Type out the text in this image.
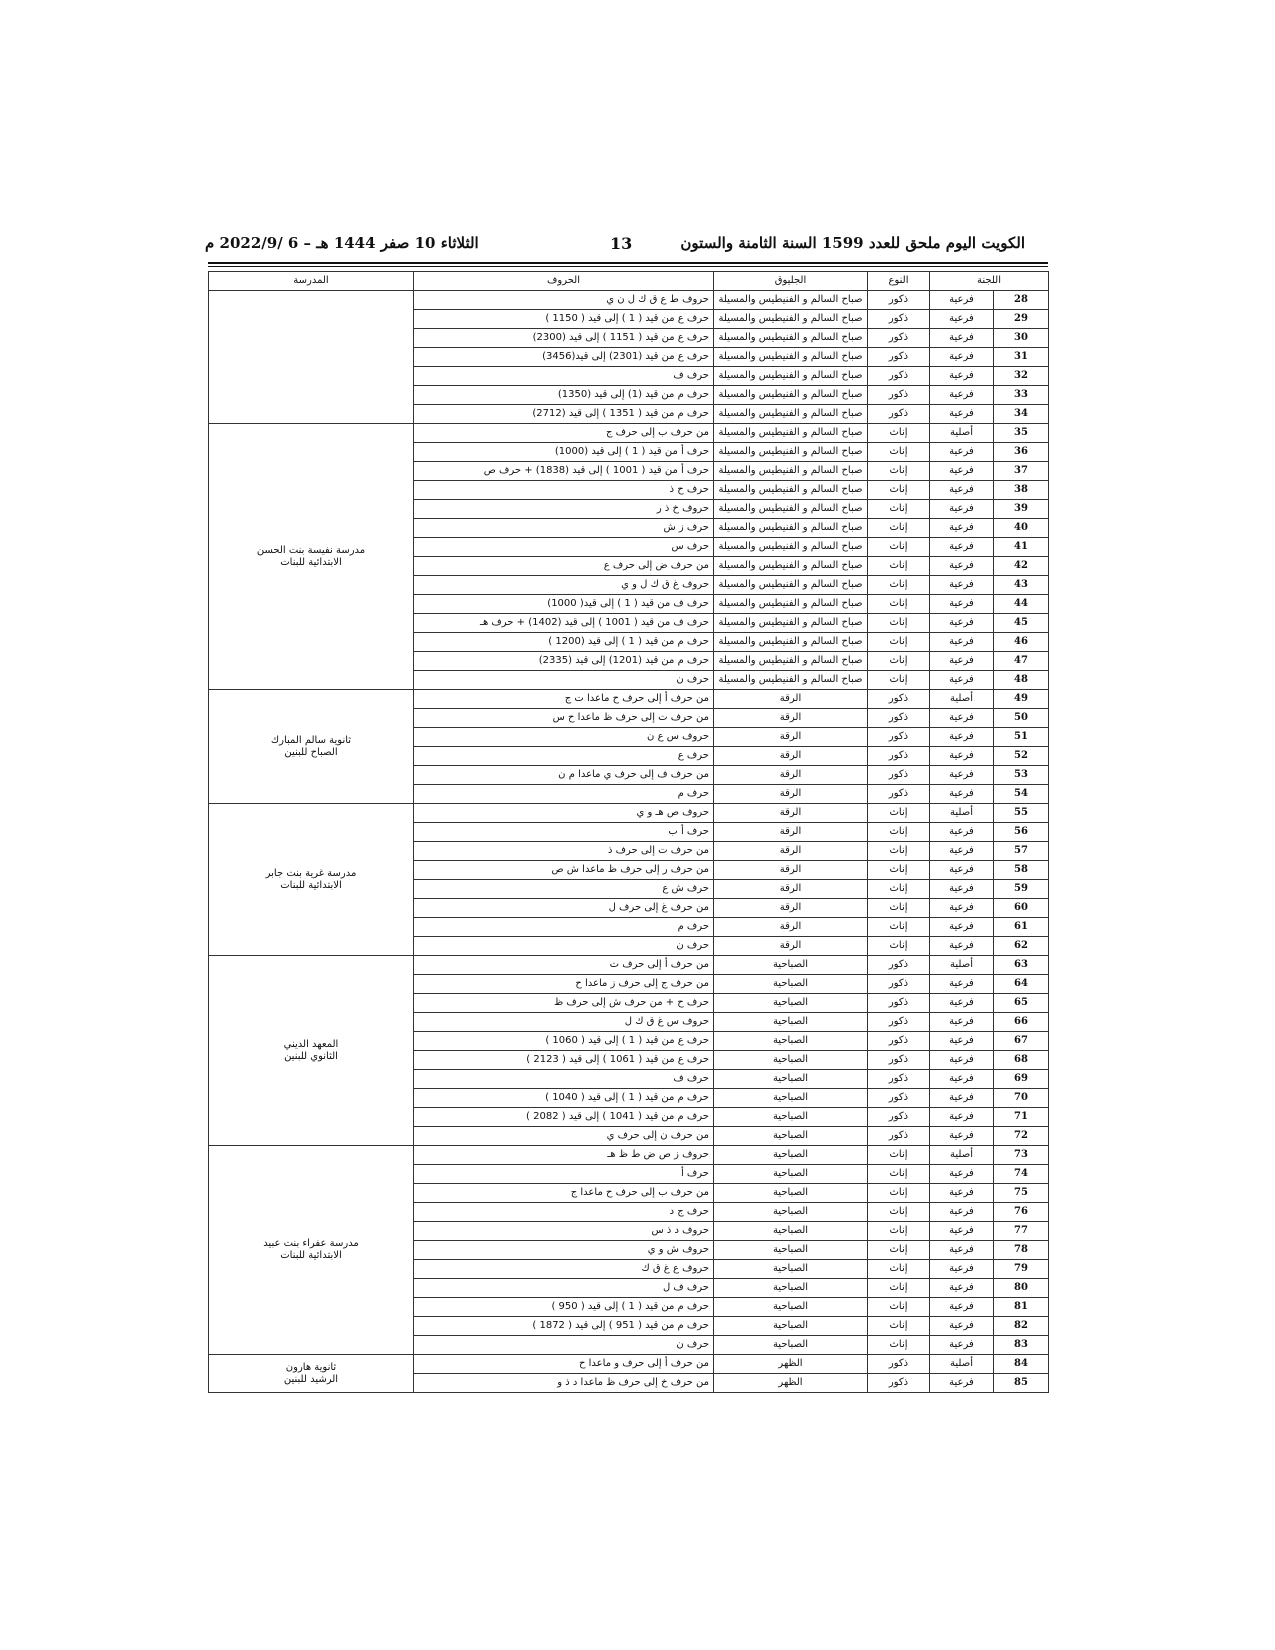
الكويت اليوم ملحق للعدد 1599 السنة الثامنة والستون
13
الثلاثاء 10 صفر 1444 هـ – 6 /2022/9 م
اللجنة		النوع	الجليوق	الحروف	المدرسة
28	فرعية	ذكور	صباح السالم و الفنيطيس والمسيلة	حروف ط ع ق ك ل ن ي	

29	فرعية	ذكور	صباح السالم و الفنيطيس والمسيلة	حرف ع من قيد ( 1 ) إلى قيد ( 1150 )	
30	فرعية	ذكور	صباح السالم و الفنيطيس والمسيلة	حرف ع من قيد ( 1151 ) إلى قيد (2300)	
31	فرعية	ذكور	صباح السالم و الفنيطيس والمسيلة	حرف ع من قيد (2301) إلى قيد(3456)	
32	فرعية	ذكور	صباح السالم و الفنيطيس والمسيلة	حرف ف	
33	فرعية	ذكور	صباح السالم و الفنيطيس والمسيلة	حرف م من قيد (1) إلى قيد (1350)	
34	فرعية	ذكور	صباح السالم و الفنيطيس والمسيلة	حرف م من قيد ( 1351 ) إلى قيد (2712)	
35	أصلية	إناث	صباح السالم و الفنيطيس والمسيلة	من حرف ب إلى حرف ج	مدرسة نفيسة بنت الحسن
الابتدائية للبنات

36	فرعية	إناث	صباح السالم و الفنيطيس والمسيلة	حرف أ من قيد ( 1 ) إلى قيد (1000)	
37	فرعية	إناث	صباح السالم و الفنيطيس والمسيلة	حرف أ من قيد ( 1001 ) إلى قيد (1838) + حرف ص	
38	فرعية	إناث	صباح السالم و الفنيطيس والمسيلة	حرف ح ذ	
39	فرعية	إناث	صباح السالم و الفنيطيس والمسيلة	حروف خ ذ ر	
40	فرعية	إناث	صباح السالم و الفنيطيس والمسيلة	حرف ز ش	
41	فرعية	إناث	صباح السالم و الفنيطيس والمسيلة	حرف س	
42	فرعية	إناث	صباح السالم و الفنيطيس والمسيلة	من حرف ض إلى حرف ع	
43	فرعية	إناث	صباح السالم و الفنيطيس والمسيلة	حروف غ ق ك ل و ي	
44	فرعية	إناث	صباح السالم و الفنيطيس والمسيلة	حرف ف من قيد ( 1 ) إلى قيد( 1000)	
45	فرعية	إناث	صباح السالم و الفنيطيس والمسيلة	حرف ف من قيد ( 1001 ) إلى قيد (1402) + حرف هـ	
46	فرعية	إناث	صباح السالم و الفنيطيس والمسيلة	حرف م من قيد ( 1 ) إلى قيد (1200 )	
47	فرعية	إناث	صباح السالم و الفنيطيس والمسيلة	حرف م من قيد (1201) إلى قيد (2335)	
48	فرعية	إناث	صباح السالم و الفنيطيس والمسيلة	حرف ن	
49	أصلية	ذكور	الرقة	من حرف أ إلى حرف ح ماعدا ت ج	ثانوية سالم المبارك
الصباح للبنين

50	فرعية	ذكور	الرقة	من حرف ت إلى حرف ظ ماعدا ح س	
51	فرعية	ذكور	الرقة	حروف س ع ن	
52	فرعية	ذكور	الرقة	حرف ع	
53	فرعية	ذكور	الرقة	من حرف ف إلى حرف ي ماعدا م ن	
54	فرعية	ذكور	الرقة	حرف م	
55	أصلية	إناث	الرقة	حروف ص هـ و ي	مدرسة غرية بنت جابر
الابتدائية للبنات

56	فرعية	إناث	الرقة	حرف أ ب	
57	فرعية	إناث	الرقة	من حرف ت إلى حرف ذ	
58	فرعية	إناث	الرقة	من حرف ر إلى حرف ظ ماعدا ش ص	
59	فرعية	إناث	الرقة	حرف ش ع	
60	فرعية	إناث	الرقة	من حرف غ إلى حرف ل	
61	فرعية	إناث	الرقة	حرف م	
62	فرعية	إناث	الرقة	حرف ن	
63	أصلية	ذكور	الصباحية	من حرف أ إلى حرف ت	المعهد الديني
الثانوي للبنين

64	فرعية	ذكور	الصباحية	من حرف ج إلى حرف ز ماعدا ح	
65	فرعية	ذكور	الصباحية	حرف ح + من حرف ش إلى حرف ظ	
66	فرعية	ذكور	الصباحية	حروف س غ ق ك ل	
67	فرعية	ذكور	الصباحية	حرف ع من قيد ( 1 ) إلى قيد ( 1060 )	
68	فرعية	ذكور	الصباحية	حرف ع من قيد ( 1061 ) إلى قيد ( 2123 )	
69	فرعية	ذكور	الصباحية	حرف ف	
70	فرعية	ذكور	الصباحية	حرف م من قيد ( 1 ) إلى قيد ( 1040 )	
71	فرعية	ذكور	الصباحية	حرف م من قيد ( 1041 ) إلى قيد ( 2082 )	
72	فرعية	ذكور	الصباحية	من حرف ن إلى حرف ي	
73	أصلية	إناث	الصباحية	حروف ز ص ض ط ظ هـ	مدرسة عفراء بنت عبيد
الابتدائية للبنات

74	فرعية	إناث	الصباحية	حرف أ	
75	فرعية	إناث	الصباحية	من حرف ب إلى حرف ح ماعدا ج	
76	فرعية	إناث	الصباحية	حرف ج د	
77	فرعية	إناث	الصباحية	حروف د ذ س	
78	فرعية	إناث	الصباحية	حروف ش و ي	
79	فرعية	إناث	الصباحية	حروف ع غ ق ك	
80	فرعية	إناث	الصباحية	حرف ف ل	
81	فرعية	إناث	الصباحية	حرف م من قيد ( 1 ) إلى قيد ( 950 )	
82	فرعية	إناث	الصباحية	حرف م من قيد ( 951 ) إلى قيد ( 1872 )	
83	فرعية	إناث	الصباحية	حرف ن	
84	أصلية	ذكور	الظهر	من حرف أ إلى حرف و ماعدا ح	ثانوية هارون
الرشيد للبنين

85	فرعية	ذكور	الظهر	من حرف خ إلى حرف ظ ماعدا د ذ و	
